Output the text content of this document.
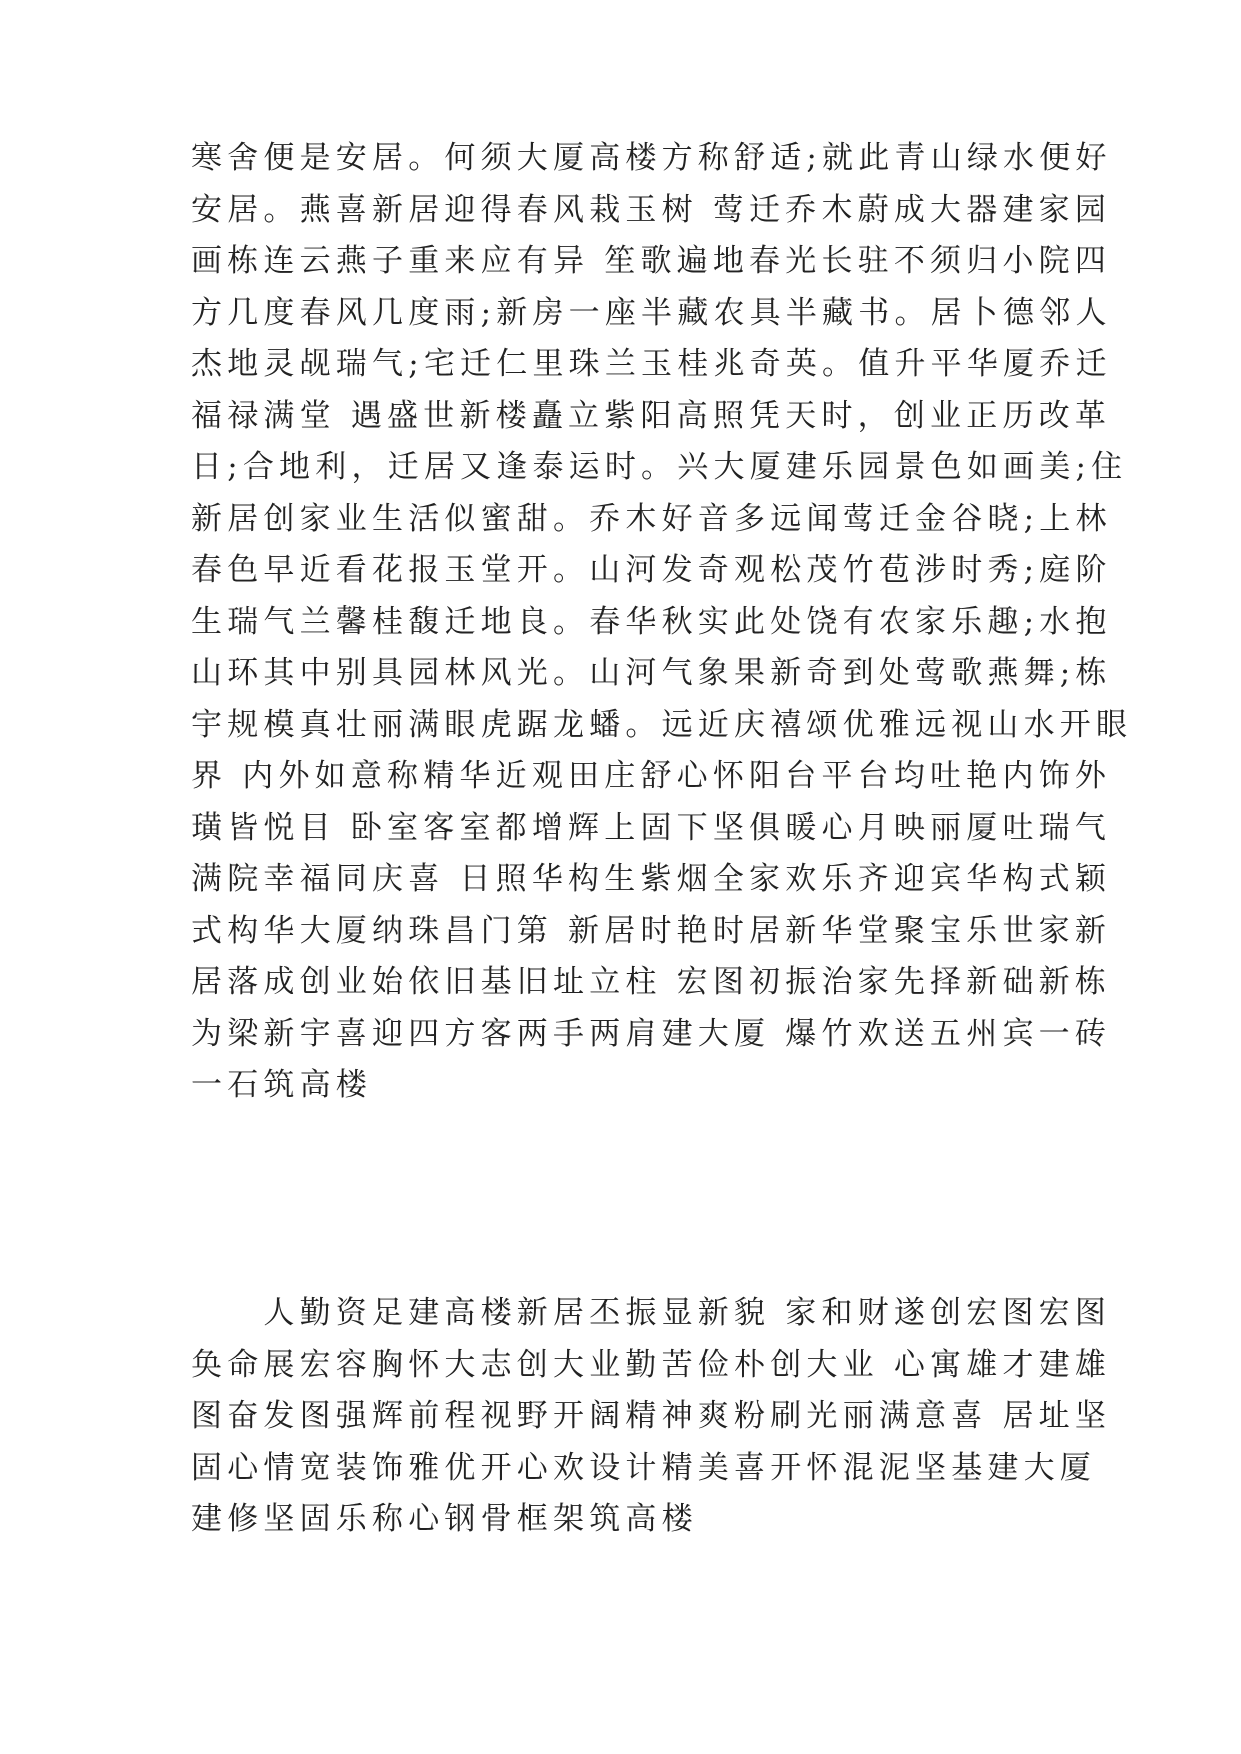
寒舍便是安居。何须大厦高楼方称舒适;就此青山绿水便好
安居。燕喜新居迎得春风栽玉树 莺迁乔木蔚成大器建家园
画栋连云燕子重来应有异 笙歌遍地春光长驻不须归小院四
方几度春风几度雨;新房一座半藏农具半藏书。居卜德邻人
杰地灵觇瑞气;宅迁仁里珠兰玉桂兆奇英。值升平华厦乔迁
福禄满堂 遇盛世新楼矗立紫阳高照凭天时，创业正历改革
日;合地利，迁居又逢泰运时。兴大厦建乐园景色如画美;住
新居创家业生活似蜜甜。乔木好音多远闻莺迁金谷晓;上林
春色早近看花报玉堂开。山河发奇观松茂竹苞涉时秀;庭阶
生瑞气兰馨桂馥迁地良。春华秋实此处饶有农家乐趣;水抱
山环其中别具园林风光。山河气象果新奇到处莺歌燕舞;栋
宇规模真壮丽满眼虎踞龙蟠。远近庆禧颂优雅远视山水开眼
界 内外如意称精华近观田庄舒心怀阳台平台均吐艳内饰外
璜皆悦目 卧室客室都增辉上固下坚俱暖心月映丽厦吐瑞气
满院幸福同庆喜 日照华构生紫烟全家欢乐齐迎宾华构式颖
式构华大厦纳珠昌门第 新居时艳时居新华堂聚宝乐世家新
居落成创业始依旧基旧址立柱 宏图初振治家先择新础新栋
为梁新宇喜迎四方客两手两肩建大厦 爆竹欢送五州宾一砖
一石筑高楼
　　人勤资足建高楼新居丕振显新貌 家和财遂创宏图宏图
奂命展宏容胸怀大志创大业勤苦俭朴创大业 心寓雄才建雄
图奋发图强辉前程视野开阔精神爽粉刷光丽满意喜 居址坚
固心情宽装饰雅优开心欢设计精美喜开怀混泥坚基建大厦
建修坚固乐称心钢骨框架筑高楼
